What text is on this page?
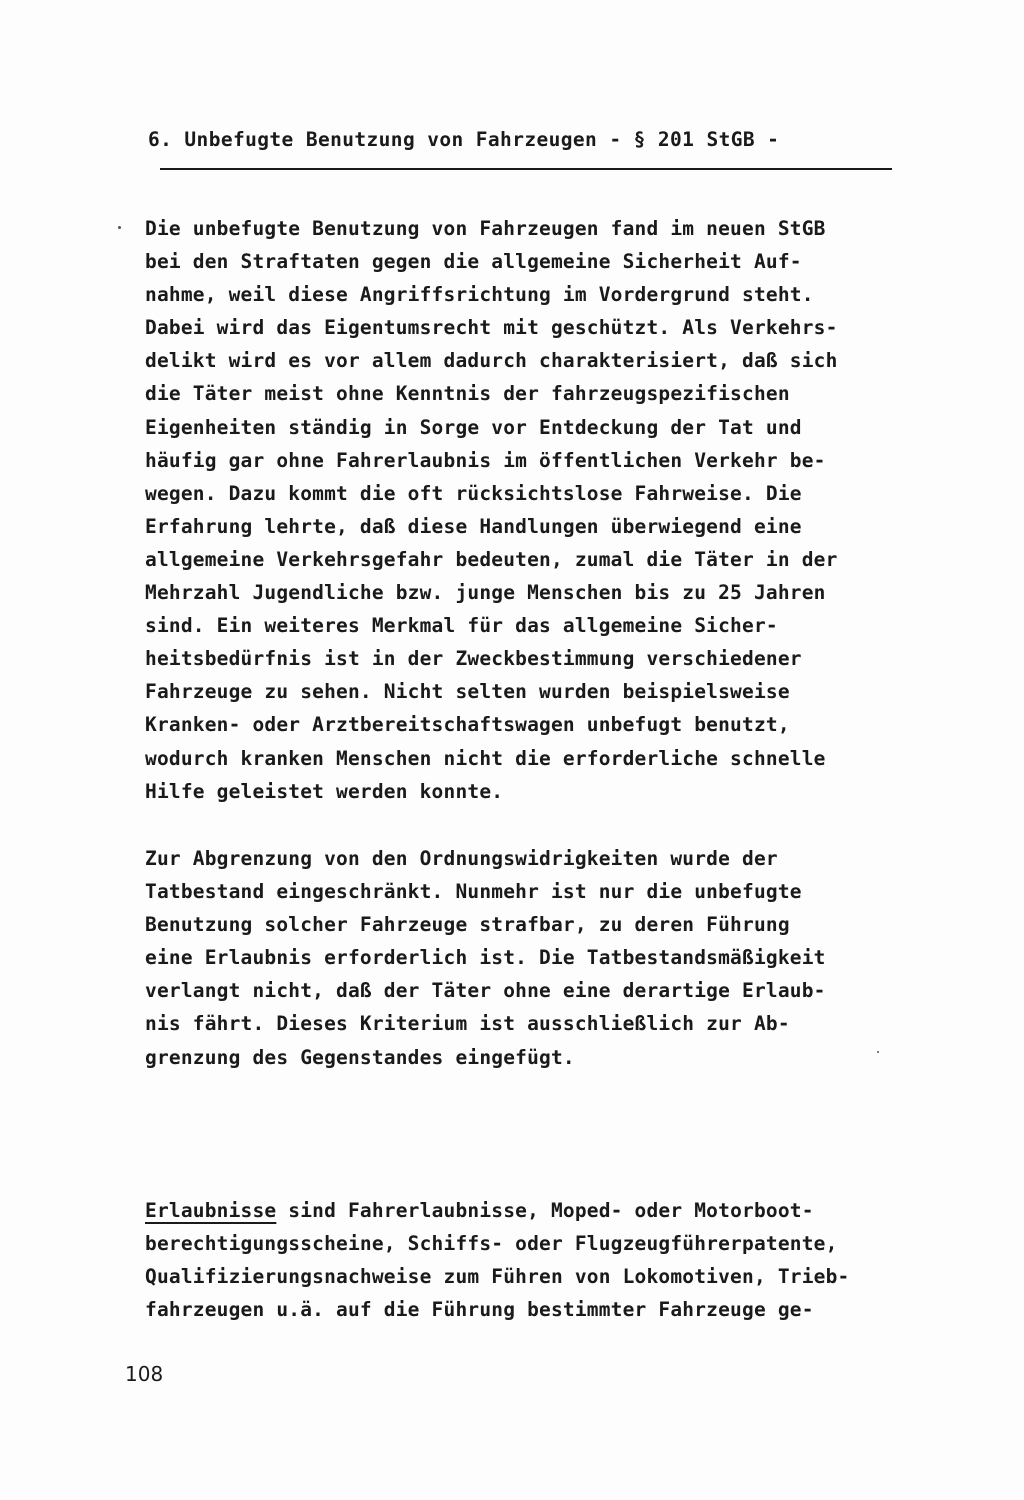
6. Unbefugte Benutzung von Fahrzeugen - § 201 StGB -
Die unbefugte Benutzung von Fahrzeugen fand im neuen StGB
bei den Straftaten gegen die allgemeine Sicherheit Auf-
nahme, weil diese Angriffsrichtung im Vordergrund steht.
Dabei wird das Eigentumsrecht mit geschützt. Als Verkehrs-
delikt wird es vor allem dadurch charakterisiert, daß sich
die Täter meist ohne Kenntnis der fahrzeugspezifischen
Eigenheiten ständig in Sorge vor Entdeckung der Tat und
häufig gar ohne Fahrerlaubnis im öffentlichen Verkehr be-
wegen. Dazu kommt die oft rücksichtslose Fahrweise. Die
Erfahrung lehrte, daß diese Handlungen überwiegend eine
allgemeine Verkehrsgefahr bedeuten, zumal die Täter in der
Mehrzahl Jugendliche bzw. junge Menschen bis zu 25 Jahren
sind. Ein weiteres Merkmal für das allgemeine Sicher-
heitsbedürfnis ist in der Zweckbestimmung verschiedener
Fahrzeuge zu sehen. Nicht selten wurden beispielsweise
Kranken- oder Arztbereitschaftswagen unbefugt benutzt,
wodurch kranken Menschen nicht die erforderliche schnelle
Hilfe geleistet werden konnte.
Zur Abgrenzung von den Ordnungswidrigkeiten wurde der
Tatbestand eingeschränkt. Nunmehr ist nur die unbefugte
Benutzung solcher Fahrzeuge strafbar, zu deren Führung
eine Erlaubnis erforderlich ist. Die Tatbestandsmäßigkeit
verlangt nicht, daß der Täter ohne eine derartige Erlaub-
nis fährt. Dieses Kriterium ist ausschließlich zur Ab-
grenzung des Gegenstandes eingefügt.
Erlaubnisse sind Fahrerlaubnisse, Moped- oder Motorboot-
berechtigungsscheine, Schiffs- oder Flugzeugführerpatente,
Qualifizierungsnachweise zum Führen von Lokomotiven, Trieb-
fahrzeugen u.ä. auf die Führung bestimmter Fahrzeuge ge-
108
